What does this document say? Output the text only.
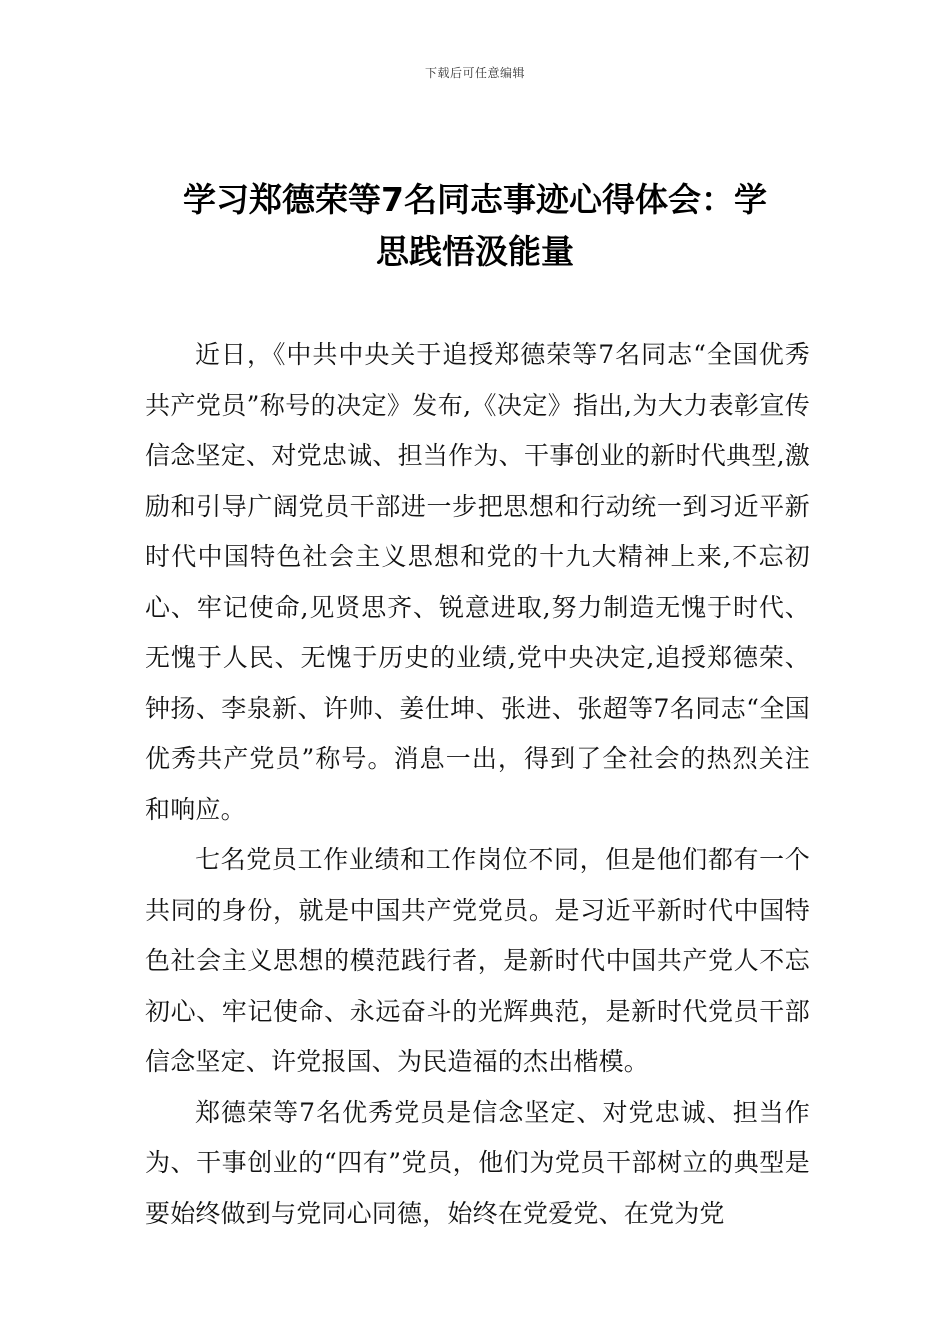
下载后可任意编辑
学习郑德荣等7名同志事迹心得体会：学
思践悟汲能量

近日，《中共中央关于追授郑德荣等7名同志“全国优秀共产党员”称号的决定》发布,《决定》指出,为大力表彰宣传信念坚定、对党忠诚、担当作为、干事创业的新时代典型,激励和引导广阔党员干部进一步把思想和行动统一到习近平新时代中国特色社会主义思想和党的十九大精神上来,不忘初心、牢记使命,见贤思齐、锐意进取,努力制造无愧于时代、无愧于人民、无愧于历史的业绩,党中央决定,追授郑德荣、钟扬、李泉新、许帅、姜仕坤、张进、张超等7名同志“全国优秀共产党员”称号。消息一出，得到了全社会的热烈关注和响应。

七名党员工作业绩和工作岗位不同，但是他们都有一个共同的身份，就是中国共产党党员。是习近平新时代中国特色社会主义思想的模范践行者，是新时代中国共产党人不忘初心、牢记使命、永远奋斗的光辉典范，是新时代党员干部信念坚定、许党报国、为民造福的杰出楷模。

郑德荣等7名优秀党员是信念坚定、对党忠诚、担当作为、干事创业的“四有”党员，他们为党员干部树立的典型是要始终做到与党同心同德，始终在党爱党、在党为党
